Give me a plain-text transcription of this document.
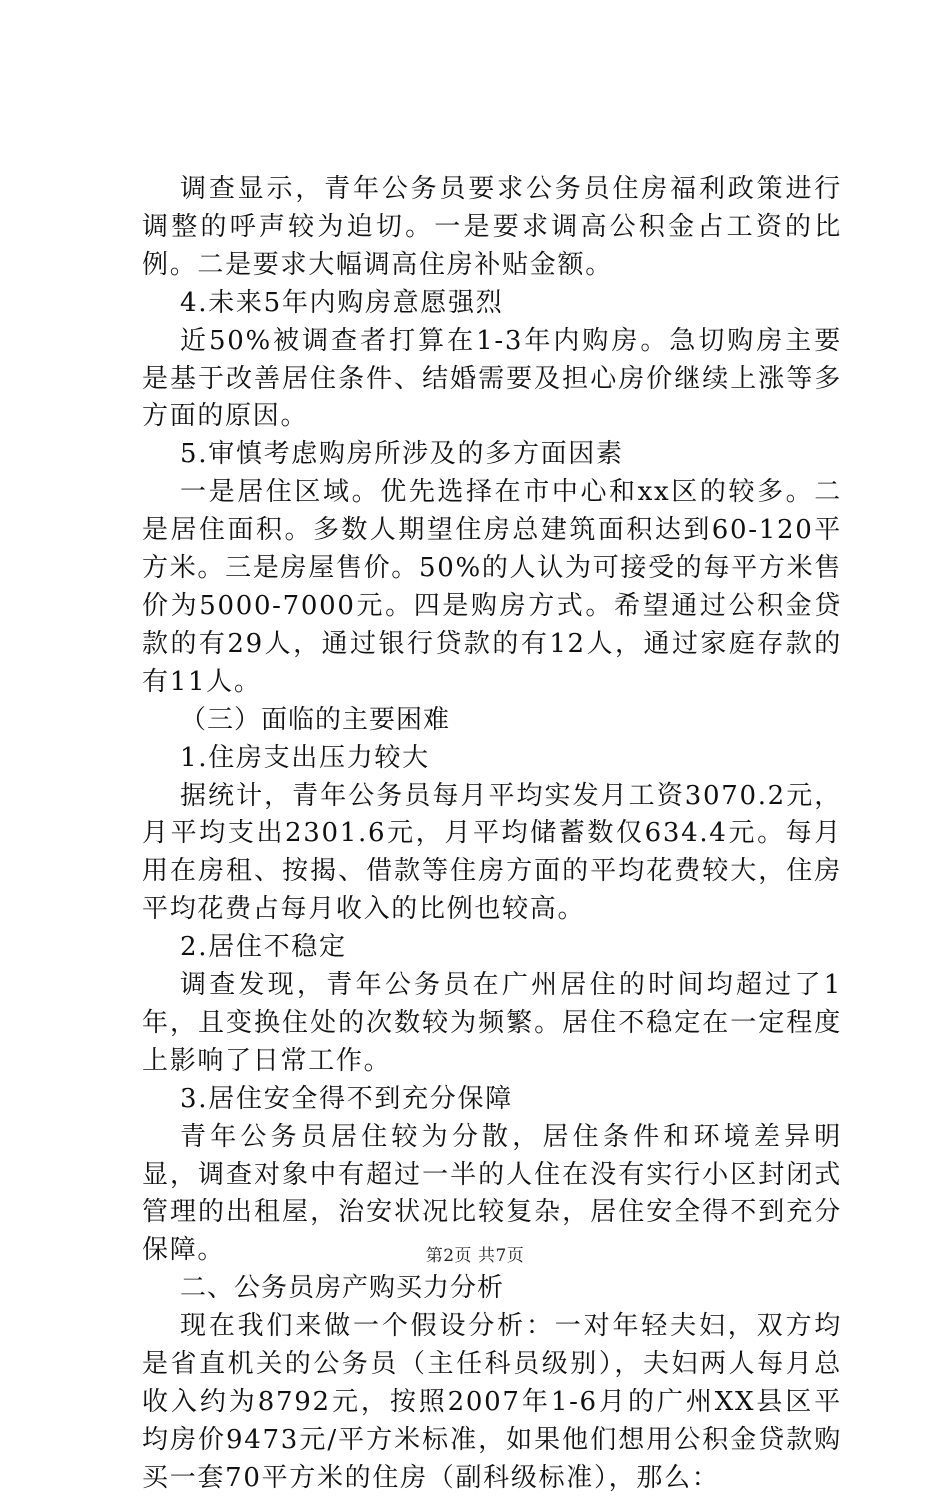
调查显示，青年公务员要求公务员住房福利政策进行调整的呼声较为迫切。一是要求调高公积金占工资的比例。二是要求大幅调高住房补贴金额。

4.未来5年内购房意愿强烈

近50%被调查者打算在1-3年内购房。急切购房主要是基于改善居住条件、结婚需要及担心房价继续上涨等多方面的原因。

5.审慎考虑购房所涉及的多方面因素

一是居住区域。优先选择在市中心和xx区的较多。二是居住面积。多数人期望住房总建筑面积达到60-120平方米。三是房屋售价。50%的人认为可接受的每平方米售价为5000-7000元。四是购房方式。希望通过公积金贷款的有29人，通过银行贷款的有12人，通过家庭存款的有11人。

（三）面临的主要困难

1.住房支出压力较大

据统计，青年公务员每月平均实发月工资3070.2元，月平均支出2301.6元，月平均储蓄数仅634.4元。每月用在房租、按揭、借款等住房方面的平均花费较大，住房平均花费占每月收入的比例也较高。

2.居住不稳定

调查发现，青年公务员在广州居住的时间均超过了1年，且变换住处的次数较为频繁。居住不稳定在一定程度上影响了日常工作。

3.居住安全得不到充分保障

青年公务员居住较为分散，居住条件和环境差异明显，调查对象中有超过一半的人住在没有实行小区封闭式管理的出租屋，治安状况比较复杂，居住安全得不到充分保障。

二、公务员房产购买力分析

现在我们来做一个假设分析：一对年轻夫妇，双方均是省直机关的公务员（主任科员级别），夫妇两人每月总收入约为8792元，按照2007年1-6月的广州XX县区平均房价9473元/平方米标准，如果他们想用公积金贷款购买一套70平方米的住房（副科级标准），那么：

第2页 共7页
